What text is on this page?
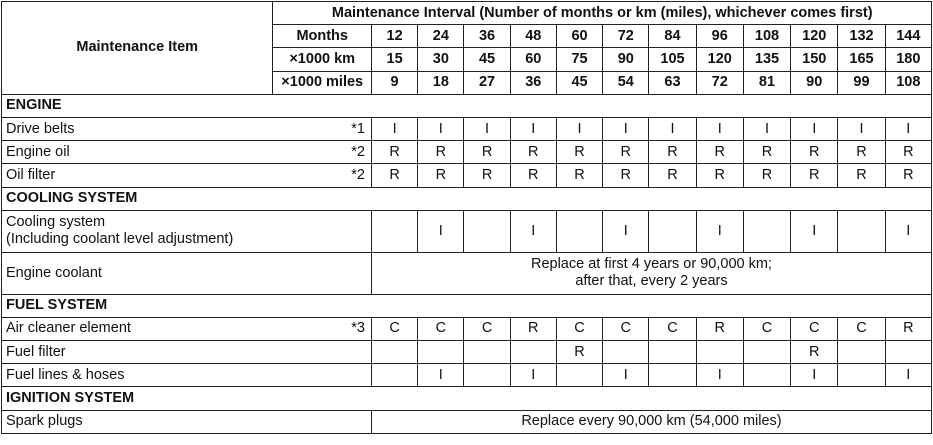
Maintenance Item	Maintenance Interval (Number of months or km (miles), whichever comes first)												
	Months	12	24	36	48	60	72	84	96	108	120	132	144
	×1000 km	15	30	45	60	75	90	105	120	135	150	165	180
	×1000 miles	9	18	27	36	45	54	63	72	81	90	99	108
ENGINE													
Drive belts	*1	I	I	I	I	I	I	I	I	I	I	I	I
Engine oil	*2	R	R	R	R	R	R	R	R	R	R	R	R
Oil filter	*2	R	R	R	R	R	R	R	R	R	R	R	R
COOLING SYSTEM													

Cooling system
(Including coolant level adjustment)			I		I		I		I		I		I
Engine coolant		Replace at first 4 years or 90,000 km;
after that, every 2 years											

FUEL SYSTEM													
Air cleaner element	*3	C	C	C	R	C	C	C	R	C	C	C	R
Fuel filter						R					R		
Fuel lines & hoses			I		I		I		I		I		I
IGNITION SYSTEM													
Spark plugs		Replace every 90,000 km (54,000 miles)											
